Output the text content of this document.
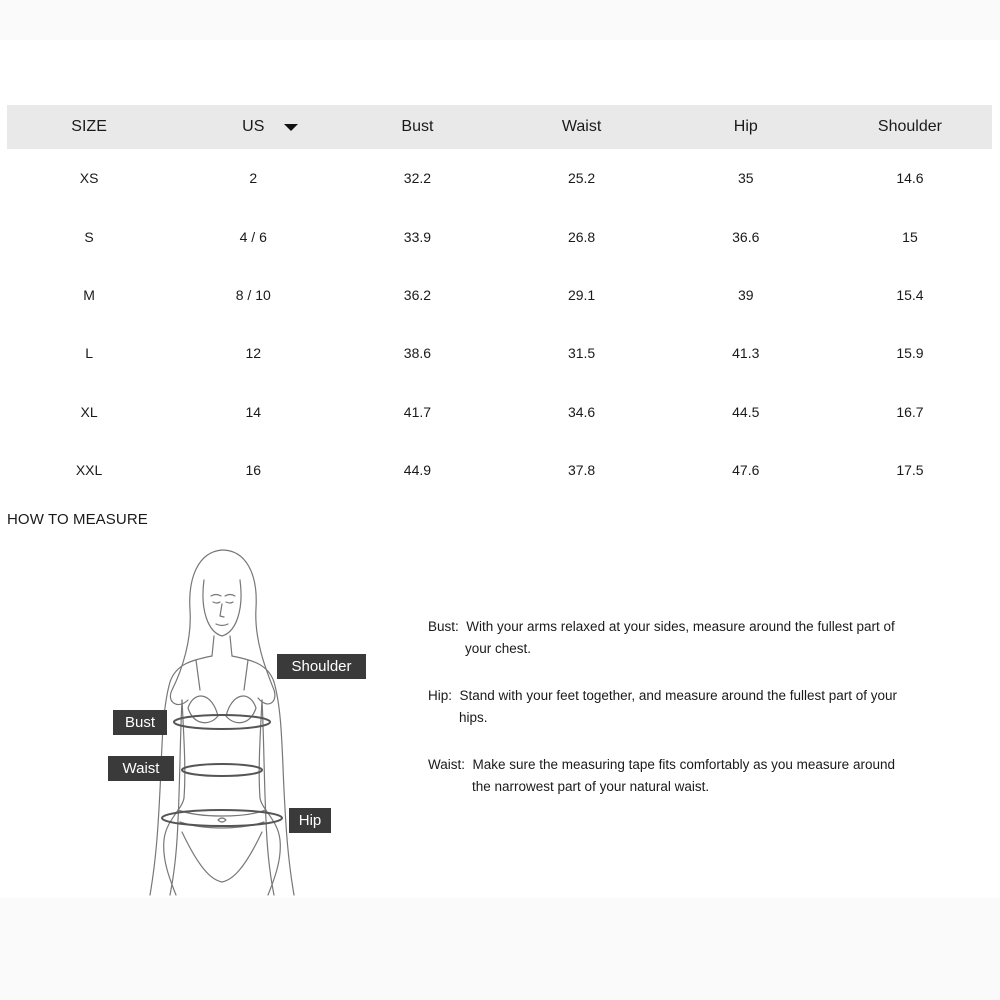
SIZE	US	Bust	Waist	Hip	Shoulder
XS	2	32.2	25.2	35	14.6
S	4 / 6	33.9	26.8	36.6	15
M	8 / 10	36.2	29.1	39	15.4
L	12	38.6	31.5	41.3	15.9
XL	14	41.7	34.6	44.5	16.7
XXL	16	44.9	37.8	47.6	17.5
HOW TO MEASURE
Shoulder
Bust
Waist
Hip
Bust: With your arms relaxed at your sides, measure around the fullest part of
your chest.
Hip: Stand with your feet together, and measure around the fullest part of your
hips.
Waist: Make sure the measuring tape fits comfortably as you measure around
the narrowest part of your natural waist.
